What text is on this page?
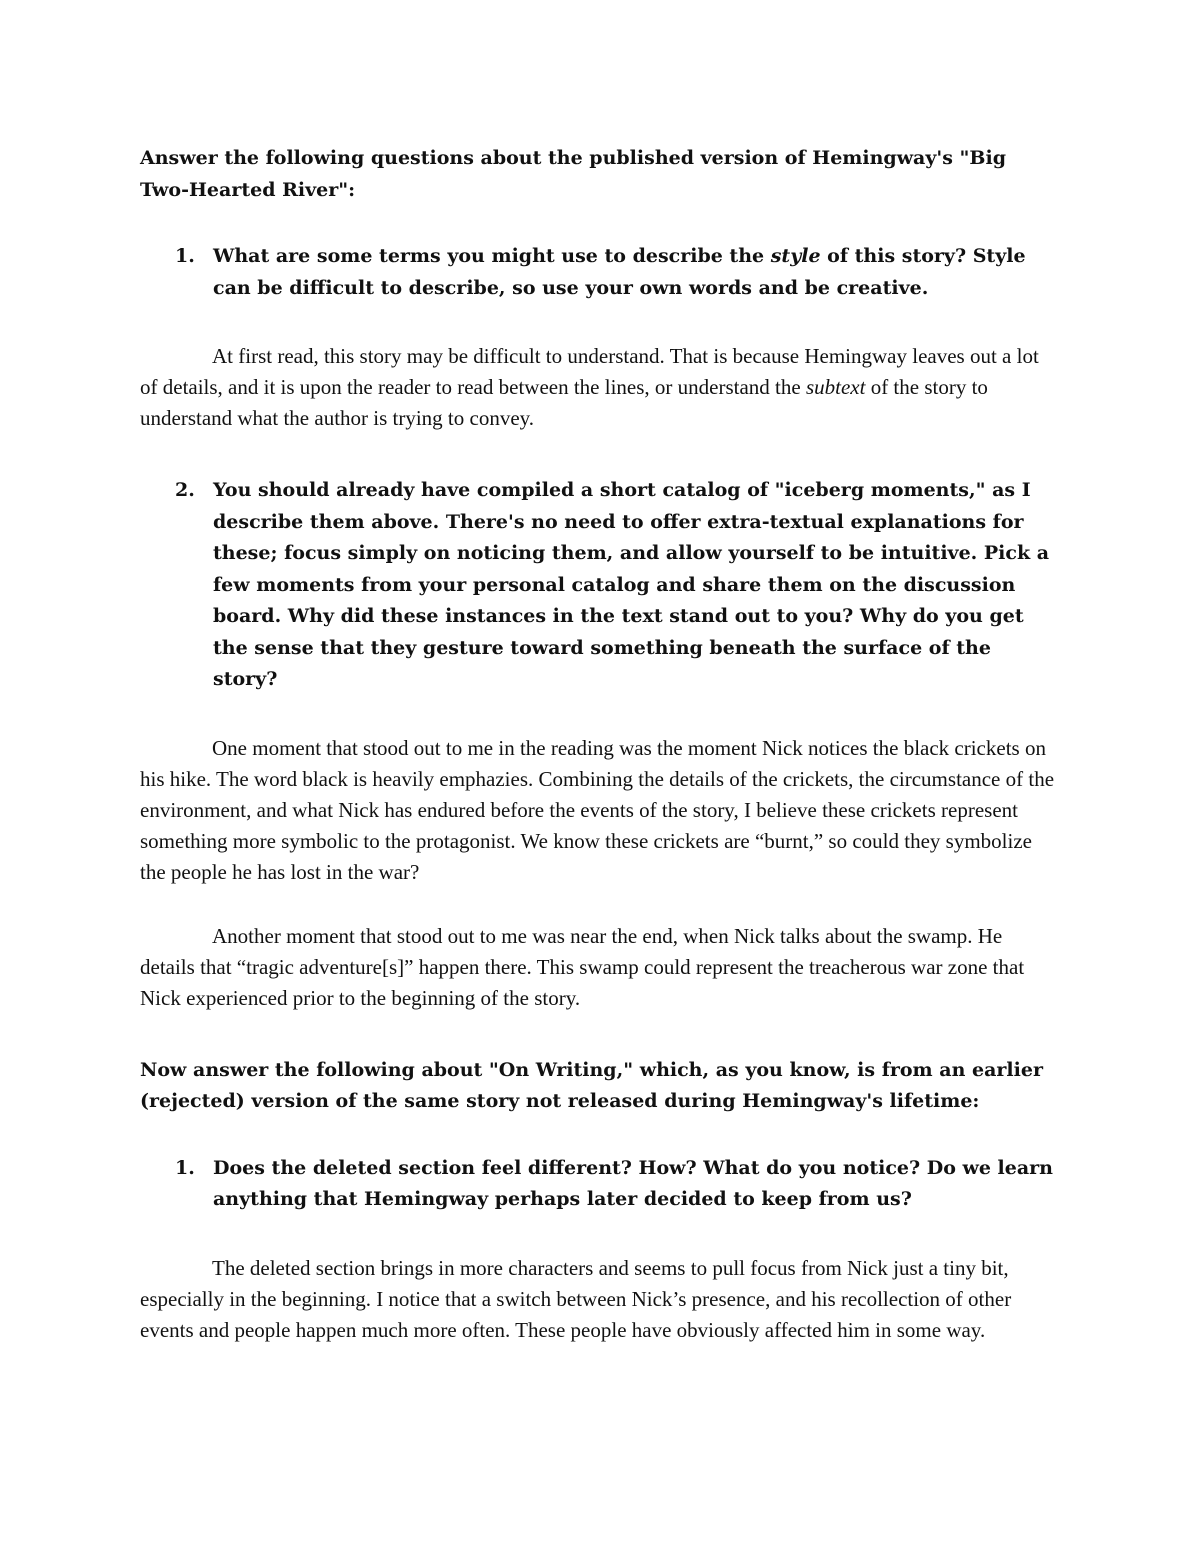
Answer the following questions about the published version of Hemingway's "Big
Two-Hearted River":

1. What are some terms you might use to describe the style of this story? Style can be difficult to describe, so use your own words and be creative.

At first read, this story may be difficult to understand. That is because Hemingway leaves out a lot of details, and it is upon the reader to read between the lines, or understand the subtext of the story to understand what the author is trying to convey.

2. You should already have compiled a short catalog of "iceberg moments," as I describe them above. There's no need to offer extra-textual explanations for these; focus simply on noticing them, and allow yourself to be intuitive. Pick a few moments from your personal catalog and share them on the discussion board. Why did these instances in the text stand out to you? Why do you get the sense that they gesture toward something beneath the surface of the story?

One moment that stood out to me in the reading was the moment Nick notices the black crickets on his hike. The word black is heavily emphazies. Combining the details of the crickets, the circumstance of the environment, and what Nick has endured before the events of the story, I believe these crickets represent something more symbolic to the protagonist. We know these crickets are “burnt,” so could they symbolize the people he has lost in the war?

Another moment that stood out to me was near the end, when Nick talks about the swamp. He details that “tragic adventure[s]” happen there. This swamp could represent the treacherous war zone that Nick experienced prior to the beginning of the story.

Now answer the following about "On Writing," which, as you know, is from an earlier
(rejected) version of the same story not released during Hemingway's lifetime:

1. Does the deleted section feel different? How? What do you notice? Do we learn anything that Hemingway perhaps later decided to keep from us?

The deleted section brings in more characters and seems to pull focus from Nick just a tiny bit, especially in the beginning. I notice that a switch between Nick’s presence, and his recollection of other events and people happen much more often. These people have obviously affected him in some way.
